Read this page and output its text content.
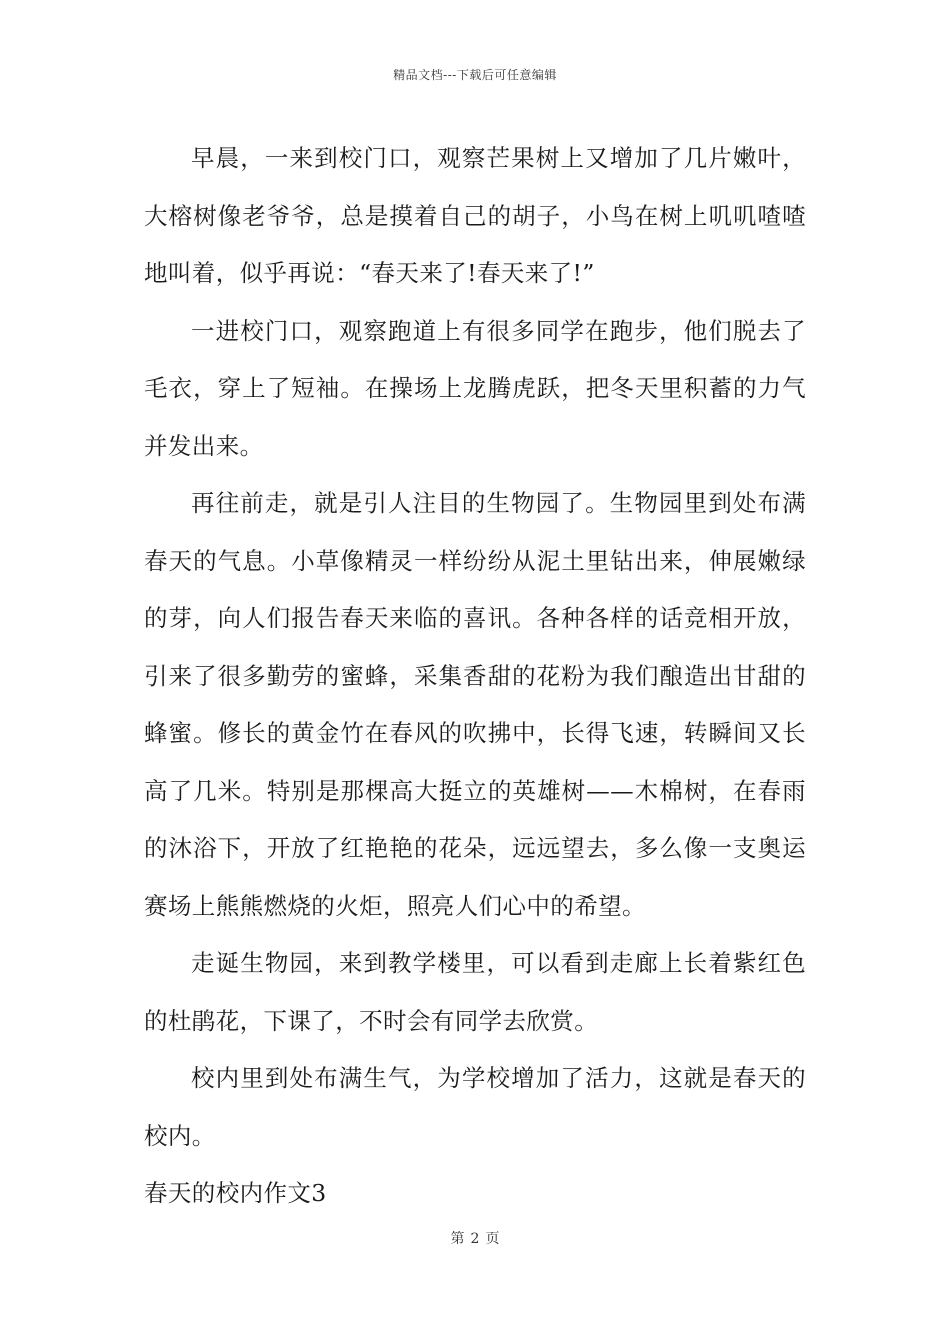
精品文档---下载后可任意编辑

早晨，一来到校门口，观察芒果树上又增加了几片嫩叶，大榕树像老爷爷，总是摸着自己的胡子，小鸟在树上叽叽喳喳地叫着，似乎再说：“春天来了!春天来了!”

一进校门口，观察跑道上有很多同学在跑步，他们脱去了毛衣，穿上了短袖。在操场上龙腾虎跃，把冬天里积蓄的力气并发出来。

再往前走，就是引人注目的生物园了。生物园里到处布满春天的气息。小草像精灵一样纷纷从泥土里钻出来，伸展嫩绿的芽，向人们报告春天来临的喜讯。各种各样的话竞相开放，引来了很多勤劳的蜜蜂，采集香甜的花粉为我们酿造出甘甜的蜂蜜。修长的黄金竹在春风的吹拂中，长得飞速，转瞬间又长高了几米。特别是那棵高大挺立的英雄树——木棉树，在春雨的沐浴下，开放了红艳艳的花朵，远远望去，多么像一支奥运赛场上熊熊燃烧的火炬，照亮人们心中的希望。

走诞生物园，来到教学楼里，可以看到走廊上长着紫红色的杜鹃花，下课了，不时会有同学去欣赏。

校内里到处布满生气，为学校增加了活力，这就是春天的校内。

春天的校内作文3

第 2 页
